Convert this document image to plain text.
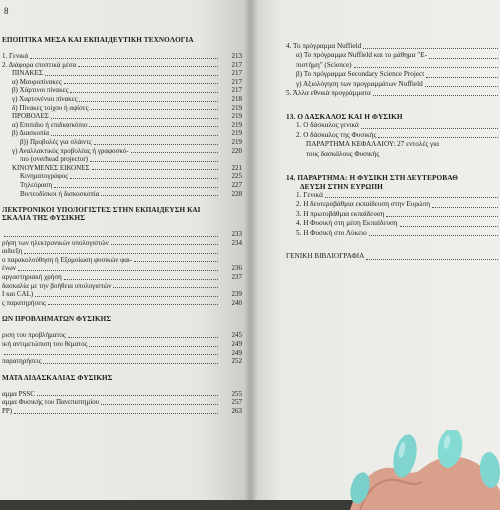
8
ЕПОПТІКА МЕΣА KAI ЕКПАІДЕҮТІКН ТЕХNОΛОГІА
1. Γενικά	213
2. Διάφορα εποπτικά μέσα	217
ΠΙΝΑΚΕΣ	217
α) Μαυροπίνακες	217
β) Χάρτινοι πίνακες	217
γ) Χαρτονένιοι πίνακες	218
δ) Πίνακες τοίχου ή αφίσες	219
ΠΡΟΒΟΛΕΣ	219
α) Επιπιδιο ή επιδιασκόπιο	219
β) Διασκοπία	219
β)) Προβολές για σλάιντς	219
γ) Αναλλακτικός προβολέας ή γραφοσκό-	220
πιο (overhead projector)
ΚΙΝΟΥΜΕΝΕΣ ΕΙΚΟΝΕΣ	221
Κινηματογράφος	225
Τηλεόραση	227
Βιντεοδίσκοι ή δισκοσκοπία	228
ЛЕКТРОNІКОІ ҮПОЛОГІΣТЕΣ ΣТНN ЕКПАІДЕҮΣН КАІ
ΣΚΑΛΙΑ ΤΗΣ ΦΥΣΙΚΗΣ
233
ρήση των ηλεκτρονικών υπολογιστών	234
αιδιεξη
ο παρακολούθηση ή Εξομοίωση φυσικών φαι-
ένων	236
αργαστηριακή χρήση	237
δασκαλία με την βοήθεια υπολογιστών
I και CAL)	239
ς παρατηρήσεις	240
ΩΝ ΠΡΟΒΛΗΜΑΤΩΝ ΦΥΣΙΚΗΣ
ριση του προβλήματος	245
ική αντιμετώπιση του θέματος	249
249
παρατηρήσεις	252
ΜΑΤΑ ΔΙΔΑΣΚΑΛΙΑΣ ΦΥΣΙΚΗΣ
αμμα PSSC	255
αμμα Φυσικής του Πανεπιστημίου	257
PP)	263
4. Το πρόγραμμα Nuffield
α) Το πρόγραμμα Nuffield και το μάθημα "Ε-
πιστήμη" (Science)
β) Το πρόγραμμα Secondary Science Project
γ) Αξιολόγηση των προγραμμάτων Nuffield
5. Άλλα εθνικά προγράμματα
13. Ο ΔΑΣΚΑΛΟΣ ΚΑΙ Η ΦΥΣΙΚΗ
1. Ο δάσκαλος γενικά
2. Ο δάσκαλος της Φυσικής
ΠΑΡΑΡΤΗΜΑ ΚΕΦΑΛΑΙΟΥ: 27 εντολές για
τους δασκάλους Φυσικής
14. ΠΑΡΑΡΤΗΜΑ: Η ΦΥΣΙΚΗ ΣΤΗ ΔΕΥΤΕΡΟΒΑΘ
ΔΕΥΣΗ ΣΤΗΝ ΕΥΡΩΠΗ
1. Γενικά
2. Η δευτεροβάθμια εκπαίδευση στην Ευρώπη
3. Η πρωτοβάθμια εκπαίδευση
4. Η Φυσική στη μέση Εκπαίδευση
5. Η Φυσική στο Λύκειο
ΓΕΝΙΚΗ ΒΙΒΛΙΟΓΡΑΦΙΑ
